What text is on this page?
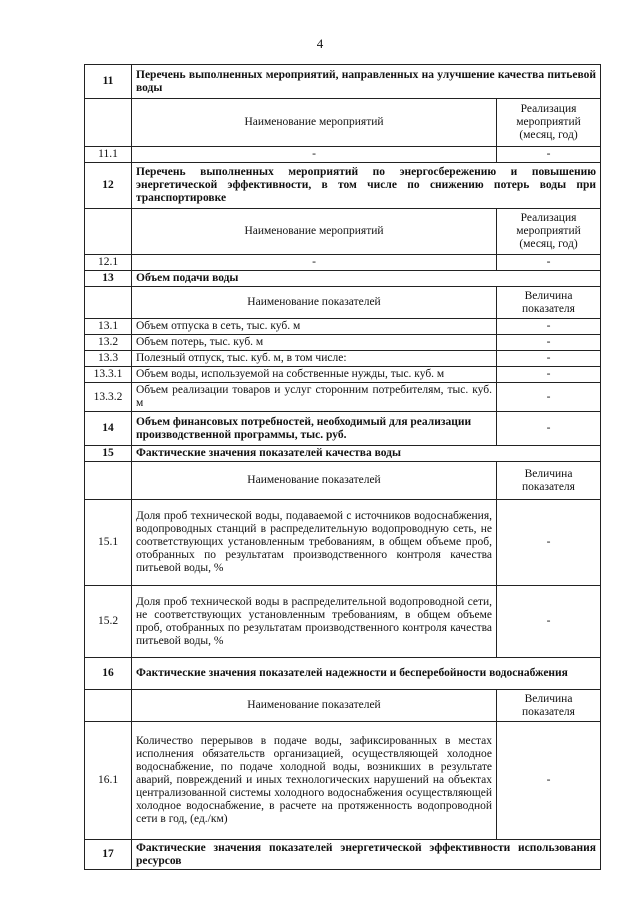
4
11	Перечень выполненных мероприятий, направленных на улучшение качества питьевой воды	
	Наименование мероприятий	Реализация мероприятий (месяц, год)
11.1	-	-
12	Перечень выполненных мероприятий по энергосбережению и повышению энергетической эффективности, в том числе по снижению потерь воды при транспортировке	
	Наименование мероприятий	Реализация мероприятий (месяц, год)
12.1	-	-
13	Объем подачи воды	
	Наименование показателей	Величина показателя
13.1	Объем отпуска в сеть, тыс. куб. м	-
13.2	Объем потерь, тыс. куб. м	-
13.3	Полезный отпуск, тыс. куб. м, в том числе:	-
13.3.1	Объем воды, используемой на собственные нужды, тыс. куб. м	-
13.3.2	Объем реализации товаров и услуг сторонним потребителям, тыс. куб. м	-
14	Объем финансовых потребностей, необходимый для реализации производственной программы, тыс. руб.	-
15	Фактические значения показателей качества воды	
	Наименование показателей	Величина показателя
15.1	Доля проб технической воды, подаваемой с источников водоснабжения, водопроводных станций в распределительную водопроводную сеть, не соответствующих установленным требованиям, в общем объеме проб, отобранных по результатам производственного контроля качества питьевой воды, %	-
15.2	Доля проб технической воды в распределительной водопроводной сети, не соответствующих установленным требованиям, в общем объеме проб, отобранных по результатам производственного контроля качества питьевой воды, %	-
16	Фактические значения показателей надежности и бесперебойности водоснабжения	
	Наименование показателей	Величина показателя
16.1	Количество перерывов в подаче воды, зафиксированных в местах исполнения обязательств организацией, осуществляющей холодное водоснабжение, по подаче холодной воды, возникших в результате аварий, повреждений и иных технологических нарушений на объектах централизованной системы холодного водоснабжения осуществляющей холодное водоснабжение, в расчете на протяженность водопроводной сети в год, (ед./км)	-
17	Фактические значения показателей энергетической эффективности использования ресурсов	
